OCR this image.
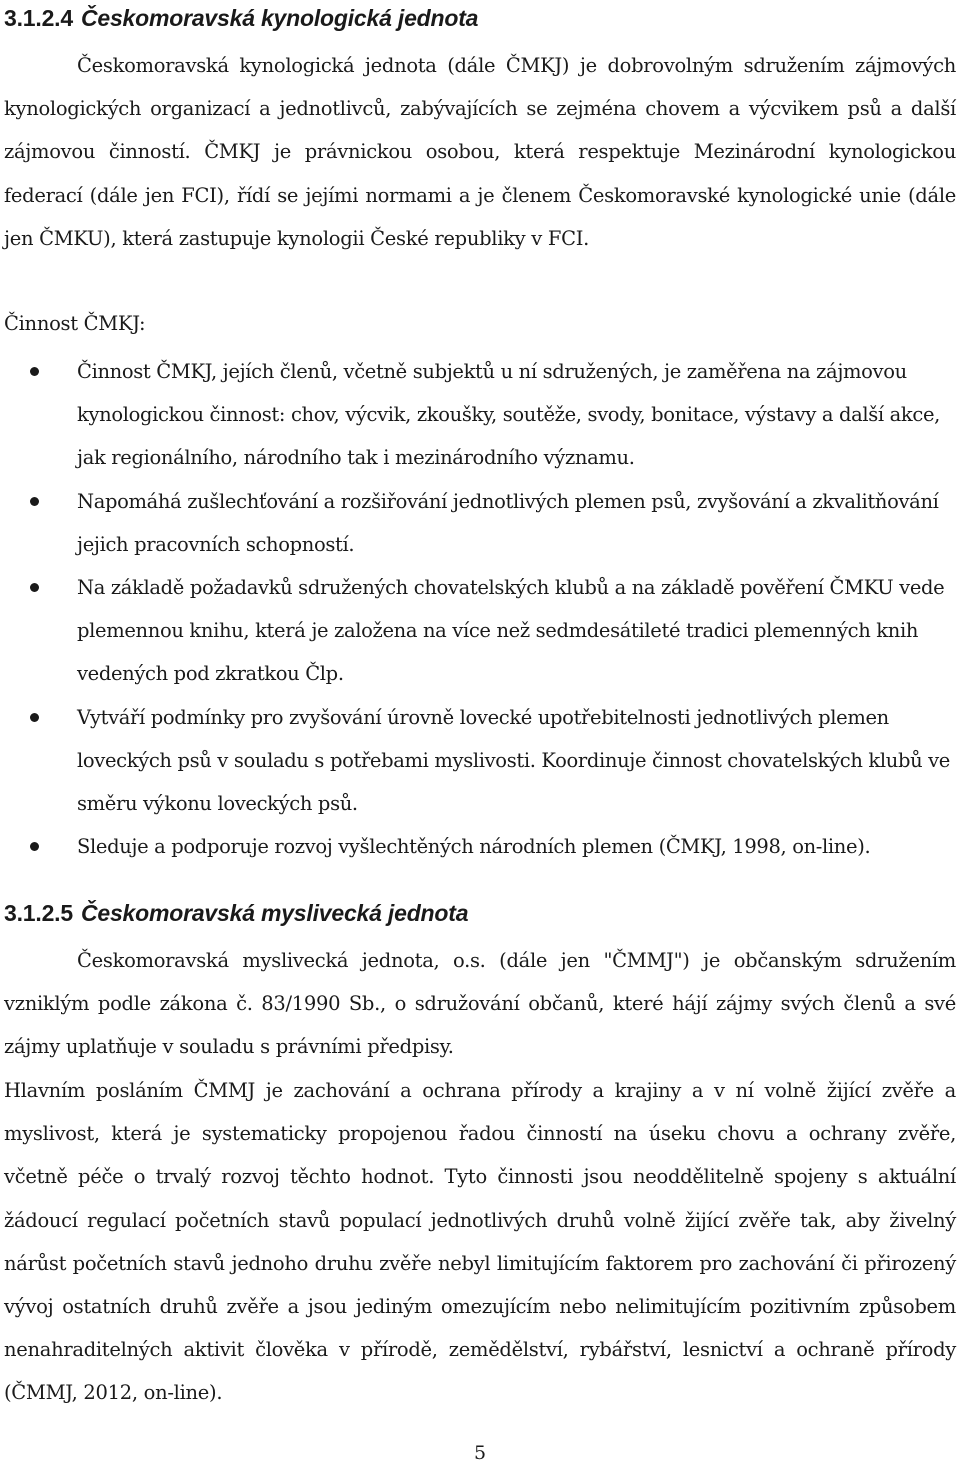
3.1.2.4 Českomoravská kynologická jednota

Českomoravská kynologická jednota (dále ČMKJ) je dobrovolným sdružením zájmových kynologických organizací a jednotlivců, zabývajících se zejména chovem a výcvikem psů a další zájmovou činností. ČMKJ je právnickou osobou, která respektuje Mezinárodní kynologickou federací (dále jen FCI), řídí se jejími normami a je členem Českomoravské kynologické unie (dále jen ČMKU), která zastupuje kynologii České republiky v FCI.

Činnost ČMKJ:
Činnost ČMKJ, jejích členů, včetně subjektů u ní sdružených, je zaměřena na zájmovou kynologickou činnost: chov, výcvik, zkoušky, soutěže, svody, bonitace, výstavy a další akce, jak regionálního, národního tak i mezinárodního významu.
Napomáhá zušlechťování a rozšiřování jednotlivých plemen psů, zvyšování a zkvalitňování jejich pracovních schopností.
Na základě požadavků sdružených chovatelských klubů a na základě pověření ČMKU vede plemennou knihu, která je založena na více než sedmdesátileté tradici plemenných knih vedených pod zkratkou Člp.
Vytváří podmínky pro zvyšování úrovně lovecké upotřebitelnosti jednotlivých plemen loveckých psů v souladu s potřebami myslivosti. Koordinuje činnost chovatelských klubů ve směru výkonu loveckých psů.
Sleduje a podporuje rozvoj vyšlechtěných národních plemen (ČMKJ, 1998, on-line).
3.1.2.5 Českomoravská myslivecká jednota

Českomoravská myslivecká jednota, o.s. (dále jen "ČMMJ") je občanským sdružením vzniklým podle zákona č. 83/1990 Sb., o sdružování občanů, které hájí zájmy svých členů a své zájmy uplatňuje v souladu s právními předpisy.

Hlavním posláním ČMMJ je zachování a ochrana přírody a krajiny a v ní volně žijící zvěře a myslivost, která je systematicky propojenou řadou činností na úseku chovu a ochrany zvěře, včetně péče o trvalý rozvoj těchto hodnot. Tyto činnosti jsou neoddělitelně spojeny s aktuální žádoucí regulací početních stavů populací jednotlivých druhů volně žijící zvěře tak, aby živelný nárůst početních stavů jednoho druhu zvěře nebyl limitujícím faktorem pro zachování či přirozený vývoj ostatních druhů zvěře a jsou jediným omezujícím nebo nelimitujícím pozitivním způsobem nenahraditelných aktivit člověka v přírodě, zemědělství, rybářství, lesnictví a ochraně přírody (ČMMJ, 2012, on-line).

5
